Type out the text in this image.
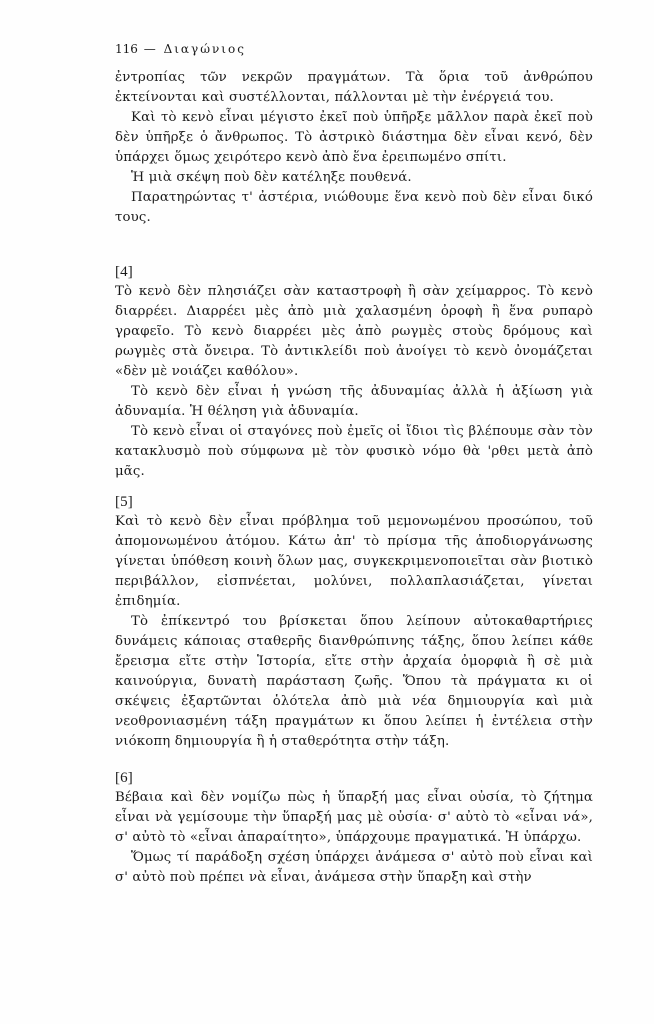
116 — Διαγώνιος

ἐντροπίας τῶν νεκρῶν πραγμάτων. Τὰ ὅρια τοῦ ἀνθρώπου ἐκτείνονται καὶ συστέλλονται, πάλλονται μὲ τὴν ἐνέργειά του.

Καὶ τὸ κενὸ εἶναι μέγιστο ἐκεῖ ποὺ ὑπῆρξε μᾶλλον παρὰ ἐκεῖ ποὺ δὲν ὑπῆρξε ὁ ἄνθρωπος. Τὸ ἀστρικὸ διάστημα δὲν εἶναι κενό, δὲν ὑπάρχει ὅμως χειρότερο κενὸ ἀπὸ ἕνα ἐρειπωμένο σπίτι.

Ἡ μιὰ σκέψη ποὺ δὲν κατέληξε πουθενά.

Παρατηρώντας τ' ἀστέρια, νιώθουμε ἕνα κενὸ ποὺ δὲν εἶναι δικό τους.

[4]

Τὸ κενὸ δὲν πλησιάζει σὰν καταστροφὴ ἢ σὰν χείμαρρος. Τὸ κενὸ διαρρέει. Διαρρέει μὲς ἀπὸ μιὰ χαλασμένη ὀροφὴ ἢ ἕνα ρυπαρὸ γραφεῖο. Τὸ κενὸ διαρρέει μὲς ἀπὸ ρωγμὲς στοὺς δρόμους καὶ ρωγμὲς στὰ ὄνειρα. Τὸ ἀντικλείδι ποὺ ἀνοίγει τὸ κενὸ ὀνομάζεται «δὲν μὲ νοιάζει καθόλου».

Τὸ κενὸ δὲν εἶναι ἡ γνώση τῆς ἀδυναμίας ἀλλὰ ἡ ἀξίωση γιὰ ἀδυναμία. Ἡ θέληση γιὰ ἀδυναμία.

Τὸ κενὸ εἶναι οἱ σταγόνες ποὺ ἐμεῖς οἱ ἴδιοι τὶς βλέπουμε σὰν τὸν κατακλυσμὸ ποὺ σύμφωνα μὲ τὸν φυσικὸ νόμο θὰ 'ρθει μετὰ ἀπὸ μᾶς.

[5]

Καὶ τὸ κενὸ δὲν εἶναι πρόβλημα τοῦ μεμονωμένου προσώπου, τοῦ ἀπομονωμένου ἀτόμου. Κάτω ἀπ' τὸ πρίσμα τῆς ἀποδιοργάνωσης γίνεται ὑπόθεση κοινὴ ὅλων μας, συγκεκριμενοποιεῖται σὰν βιοτικὸ περιβάλλον, εἰσπνέεται, μολύνει, πολλαπλασιάζεται, γίνεται ἐπιδημία.

Τὸ ἐπίκεντρό του βρίσκεται ὅπου λείπουν αὐτοκαθαρτήριες δυνάμεις κάποιας σταθερῆς διανθρώπινης τάξης, ὅπου λείπει κάθε ἔρεισμα εἴτε στὴν Ἱστορία, εἴτε στὴν ἀρχαία ὀμορφιὰ ἢ σὲ μιὰ καινούργια, δυνατὴ παράσταση ζωῆς. Ὅπου τὰ πράγματα κι οἱ σκέψεις ἐξαρτῶνται ὁλότελα ἀπὸ μιὰ νέα δημιουργία καὶ μιὰ νεοθρονιασμένη τάξη πραγμάτων κι ὅπου λείπει ἡ ἐντέλεια στὴν νιόκοπη δημιουργία ἢ ἡ σταθερότητα στὴν τάξη.

[6]

Βέβαια καὶ δὲν νομίζω πὼς ἡ ὕπαρξή μας εἶναι οὐσία, τὸ ζήτημα εἶναι νὰ γεμίσουμε τὴν ὕπαρξή μας μὲ οὐσία· σ' αὐτὸ τὸ «εἶναι νά», σ' αὐτὸ τὸ «εἶναι ἀπαραίτητο», ὑπάρχουμε πραγματικά. Ἡ ὑπάρχω.

Ὅμως τί παράδοξη σχέση ὑπάρχει ἀνάμεσα σ' αὐτὸ ποὺ εἶναι καὶ σ' αὐτὸ ποὺ πρέπει νὰ εἶναι, ἀνάμεσα στὴν ὕπαρξη καὶ στὴν
